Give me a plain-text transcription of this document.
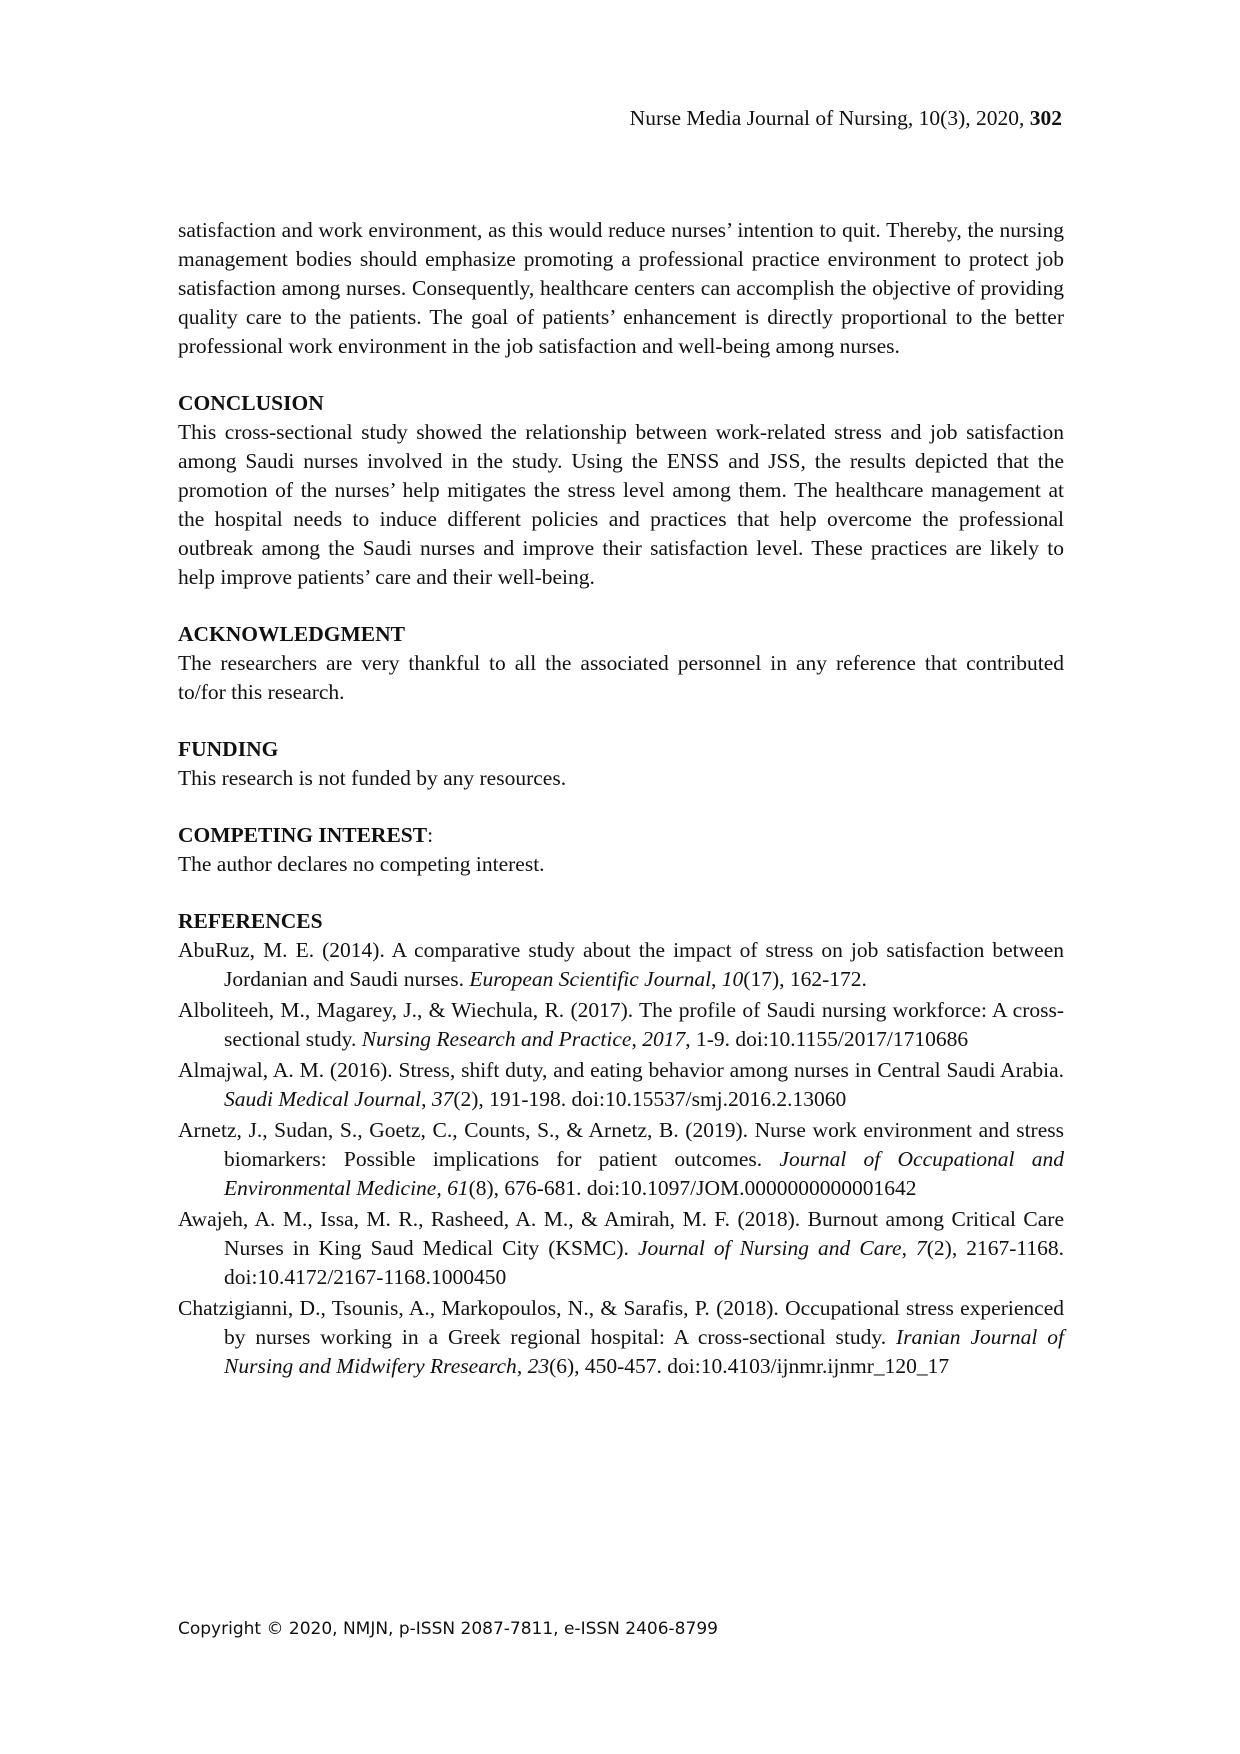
Nurse Media Journal of Nursing, 10(3), 2020, 302

satisfaction and work environment, as this would reduce nurses’ intention to quit. Thereby, the nursing management bodies should emphasize promoting a professional practice environment to protect job satisfaction among nurses. Consequently, healthcare centers can accomplish the objective of providing quality care to the patients. The goal of patients’ enhancement is directly proportional to the better professional work environment in the job satisfaction and well-being among nurses.

CONCLUSION

This cross-sectional study showed the relationship between work-related stress and job satisfaction among Saudi nurses involved in the study. Using the ENSS and JSS, the results depicted that the promotion of the nurses’ help mitigates the stress level among them. The healthcare management at the hospital needs to induce different policies and practices that help overcome the professional outbreak among the Saudi nurses and improve their satisfaction level. These practices are likely to help improve patients’ care and their well-being.

ACKNOWLEDGMENT

The researchers are very thankful to all the associated personnel in any reference that contributed to/for this research.

FUNDING

This research is not funded by any resources.

COMPETING INTEREST:

The author declares no competing interest.

REFERENCES

AbuRuz, M. E. (2014). A comparative study about the impact of stress on job satisfaction between Jordanian and Saudi nurses. European Scientific Journal, 10(17), 162-172.

Alboliteeh, M., Magarey, J., & Wiechula, R. (2017). The profile of Saudi nursing workforce: A cross-sectional study. Nursing Research and Practice, 2017, 1-9. doi:10.1155/2017/1710686

Almajwal, A. M. (2016). Stress, shift duty, and eating behavior among nurses in Central Saudi Arabia. Saudi Medical Journal, 37(2), 191-198. doi:10.15537/smj.2016.2.13060

Arnetz, J., Sudan, S., Goetz, C., Counts, S., & Arnetz, B. (2019). Nurse work environment and stress biomarkers: Possible implications for patient outcomes. Journal of Occupational and Environmental Medicine, 61(8), 676-681. doi:10.1097/JOM.0000000000001642

Awajeh, A. M., Issa, M. R., Rasheed, A. M., & Amirah, M. F. (2018). Burnout among Critical Care Nurses in King Saud Medical City (KSMC). Journal of Nursing and Care, 7(2), 2167-1168. doi:10.4172/2167-1168.1000450

Chatzigianni, D., Tsounis, A., Markopoulos, N., & Sarafis, P. (2018). Occupational stress experienced by nurses working in a Greek regional hospital: A cross-sectional study. Iranian Journal of Nursing and Midwifery Rresearch, 23(6), 450-457. doi:10.4103/ijnmr.ijnmr_120_17

Copyright © 2020, NMJN, p-ISSN 2087-7811, e-ISSN 2406-8799
